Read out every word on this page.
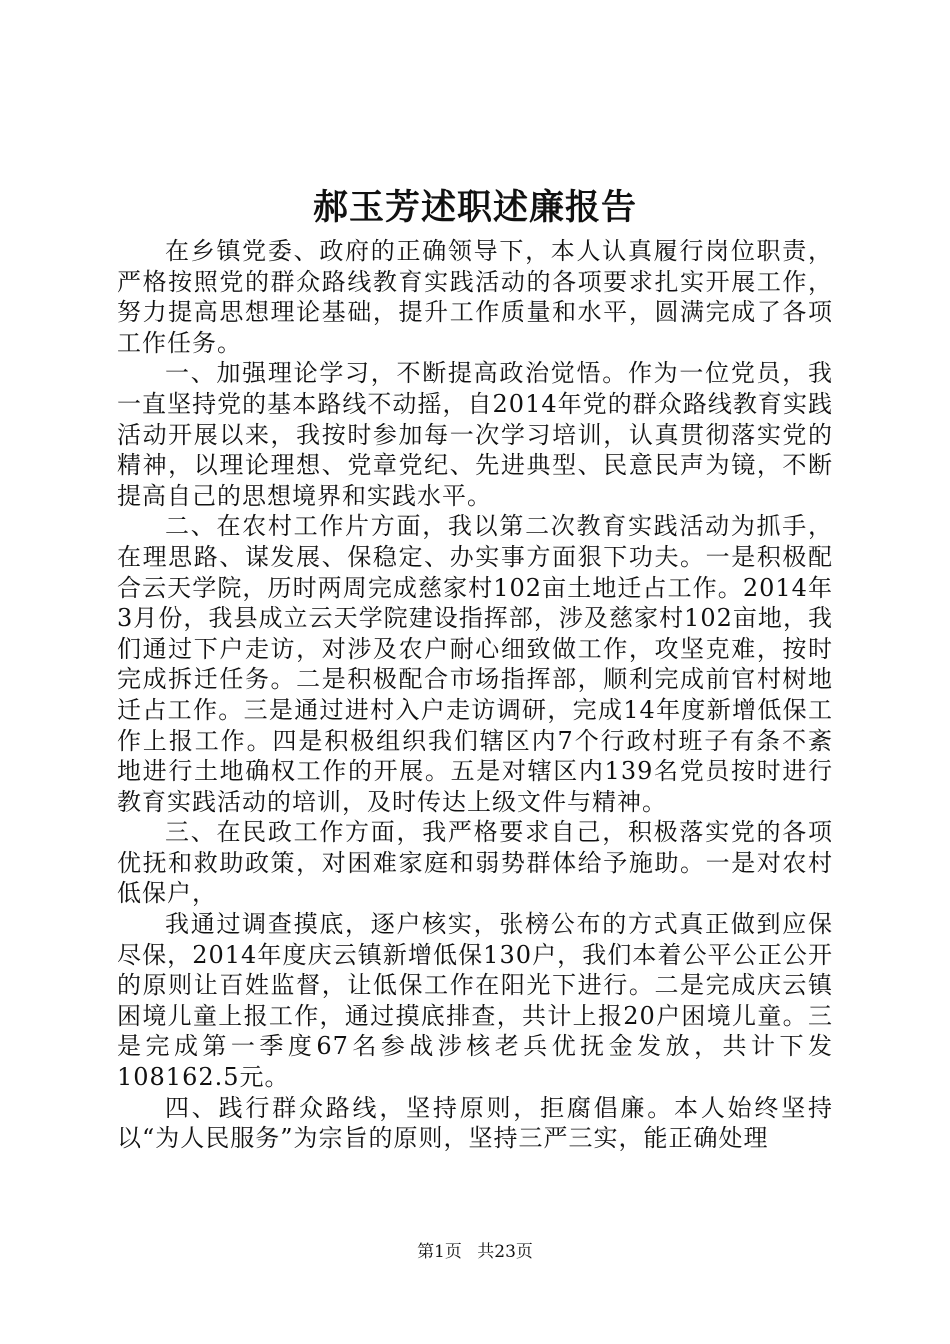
郝玉芳述职述廉报告

在乡镇党委、政府的正确领导下，本人认真履行岗位职责，严格按照党的群众路线教育实践活动的各项要求扎实开展工作，努力提高思想理论基础，提升工作质量和水平，圆满完成了各项工作任务。

一、加强理论学习，不断提高政治觉悟。作为一位党员，我一直坚持党的基本路线不动摇，自2014年党的群众路线教育实践活动开展以来，我按时参加每一次学习培训，认真贯彻落实党的精神，以理论理想、党章党纪、先进典型、民意民声为镜，不断提高自己的思想境界和实践水平。

二、在农村工作片方面，我以第二次教育实践活动为抓手，在理思路、谋发展、保稳定、办实事方面狠下功夫。一是积极配合云天学院，历时两周完成慈家村102亩土地迁占工作。2014年3月份，我县成立云天学院建设指挥部，涉及慈家村102亩地，我们通过下户走访，对涉及农户耐心细致做工作，攻坚克难，按时完成拆迁任务。二是积极配合市场指挥部，顺利完成前官村树地迁占工作。三是通过进村入户走访调研，完成14年度新增低保工作上报工作。四是积极组织我们辖区内7个行政村班子有条不紊地进行土地确权工作的开展。五是对辖区内139名党员按时进行教育实践活动的培训，及时传达上级文件与精神。

三、在民政工作方面，我严格要求自己，积极落实党的各项优抚和救助政策，对困难家庭和弱势群体给予施助。一是对农村低保户，

我通过调查摸底，逐户核实，张榜公布的方式真正做到应保尽保，2014年度庆云镇新增低保130户，我们本着公平公正公开的原则让百姓监督，让低保工作在阳光下进行。二是完成庆云镇困境儿童上报工作，通过摸底排查，共计上报20户困境儿童。三是完成第一季度67名参战涉核老兵优抚金发放，共计下发108162.5元。

四、践行群众路线，坚持原则，拒腐倡廉。本人始终坚持以“为人民服务”为宗旨的原则，坚持三严三实，能正确处理

第1页 共23页
